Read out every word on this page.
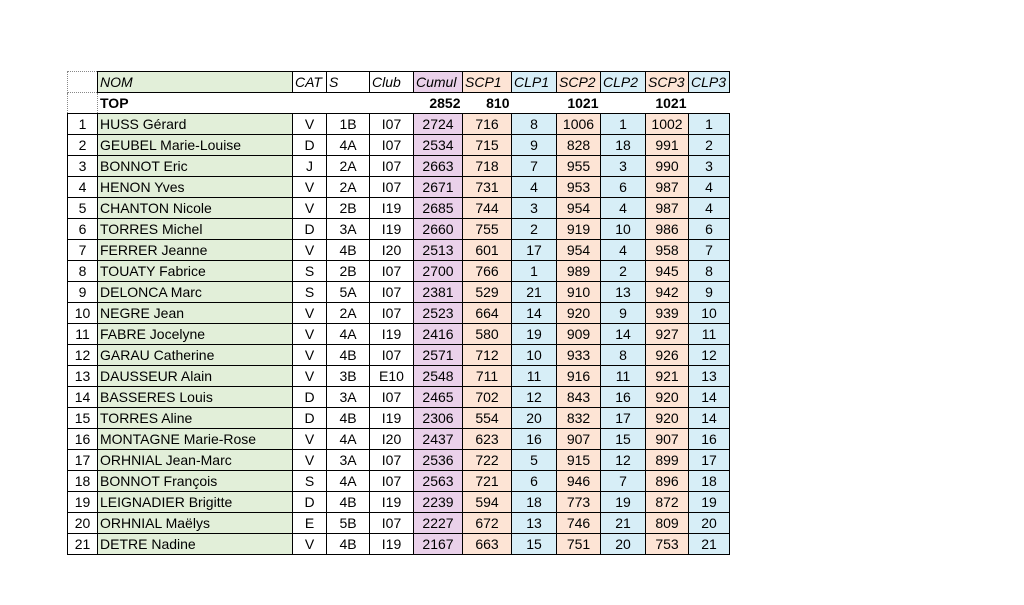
	NOM	CAT	S	Club	Cumul	SCP1	CLP1	SCP2	CLP2	SCP3	CLP3
	TOP				2852	810		1021		1021	
1	HUSS Gérard	V	1B	I07	2724	716	8	1006	1	1002	1
2	GEUBEL Marie-Louise	D	4A	I07	2534	715	9	828	18	991	2
3	BONNOT Eric	J	2A	I07	2663	718	7	955	3	990	3
4	HENON Yves	V	2A	I07	2671	731	4	953	6	987	4
5	CHANTON Nicole	V	2B	I19	2685	744	3	954	4	987	4
6	TORRES Michel	D	3A	I19	2660	755	2	919	10	986	6
7	FERRER Jeanne	V	4B	I20	2513	601	17	954	4	958	7
8	TOUATY Fabrice	S	2B	I07	2700	766	1	989	2	945	8
9	DELONCA Marc	S	5A	I07	2381	529	21	910	13	942	9
10	NEGRE Jean	V	2A	I07	2523	664	14	920	9	939	10
11	FABRE Jocelyne	V	4A	I19	2416	580	19	909	14	927	11
12	GARAU Catherine	V	4B	I07	2571	712	10	933	8	926	12
13	DAUSSEUR Alain	V	3B	E10	2548	711	11	916	11	921	13
14	BASSERES Louis	D	3A	I07	2465	702	12	843	16	920	14
15	TORRES Aline	D	4B	I19	2306	554	20	832	17	920	14
16	MONTAGNE Marie-Rose	V	4A	I20	2437	623	16	907	15	907	16
17	ORHNIAL Jean-Marc	V	3A	I07	2536	722	5	915	12	899	17
18	BONNOT François	S	4A	I07	2563	721	6	946	7	896	18
19	LEIGNADIER Brigitte	D	4B	I19	2239	594	18	773	19	872	19
20	ORHNIAL Maëlys	E	5B	I07	2227	672	13	746	21	809	20
21	DETRE Nadine	V	4B	I19	2167	663	15	751	20	753	21
